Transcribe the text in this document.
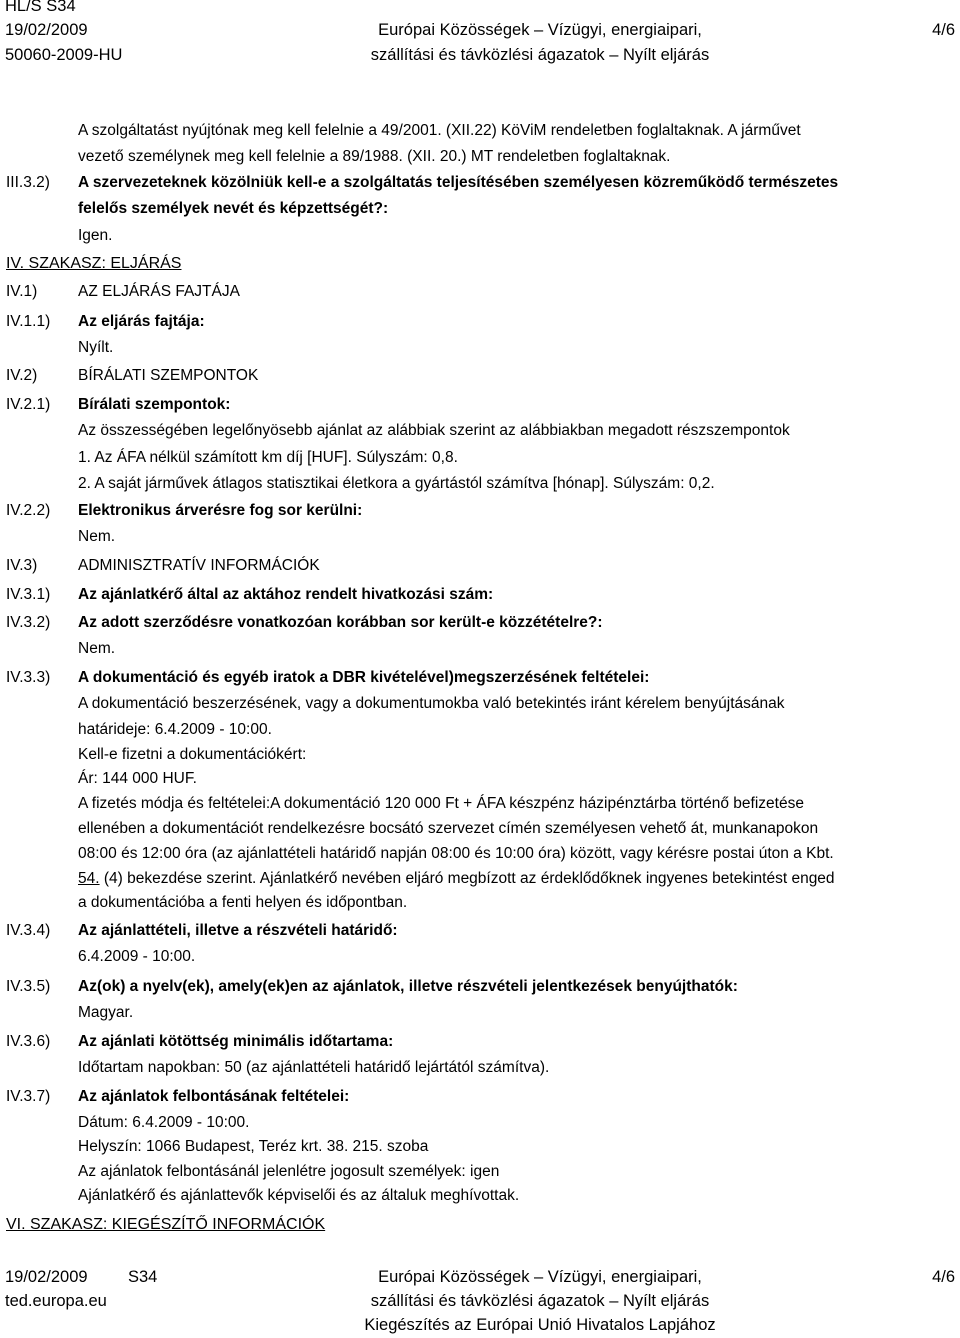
HL/S S34
19/02/2009
50060-2009-HU
Európai Közösségek – Vízügyi, energiaipari,
szállítási és távközlési ágazatok – Nyílt eljárás
4/6
A szolgáltatást nyújtónak meg kell felelnie a 49/2001. (XII.22) KöViM rendeletben foglaltaknak. A járművet
vezető személynek meg kell felelnie a 89/1988. (XII. 20.) MT rendeletben foglaltaknak.
III.3.2) A szervezeteknek közölniük kell-e a szolgáltatás teljesítésében személyesen közreműködő természetes
felelős személyek nevét és képzettségét?:
Igen.
IV. SZAKASZ: ELJÁRÁS
IV.1)	AZ ELJÁRÁS FAJTÁJA
IV.1.1) Az eljárás fajtája:
Nyílt.
IV.2)	BÍRÁLATI SZEMPONTOK
IV.2.1) Bírálati szempontok:
Az összességében legelőnyösebb ajánlat az alábbiak szerint az alábbiakban megadott részszempontok
1. Az ÁFA nélkül számított km díj [HUF]. Súlyszám: 0,8.
2. A saját járművek átlagos statisztikai életkora a gyártástól számítva [hónap]. Súlyszám: 0,2.
IV.2.2) Elektronikus árverésre fog sor kerülni:
Nem.
IV.3)	ADMINISZTRATÍV INFORMÁCIÓK
IV.3.1) Az ajánlatkérő által az aktához rendelt hivatkozási szám:
IV.3.2) Az adott szerződésre vonatkozóan korábban sor került-e közzétételre?:
Nem.
IV.3.3) A dokumentáció és egyéb iratok a DBR kivételével)megszerzésének feltételei:
A dokumentáció beszerzésének, vagy a dokumentumokba való betekintés iránt kérelem benyújtásának
határideje: 6.4.2009 - 10:00.
Kell-e fizetni a dokumentációkért:
Ár: 144 000 HUF.
A fizetés módja és feltételei:A dokumentáció 120 000 Ft + ÁFA készpénz házipénztárba történő befizetése
ellenében a dokumentációt rendelkezésre bocsátó szervezet címén személyesen vehető át, munkanapokon
08:00 és 12:00 óra (az ajánlattételi határidő napján 08:00 és 10:00 óra) között, vagy kérésre postai úton a Kbt.
54. (4) bekezdése szerint. Ajánlatkérő nevében eljáró megbízott az érdeklődőknek ingyenes betekintést enged
a dokumentációba a fenti helyen és időpontban.
IV.3.4) Az ajánlattételi, illetve a részvételi határidő:
6.4.2009 - 10:00.
IV.3.5) Az(ok) a nyelv(ek), amely(ek)en az ajánlatok, illetve részvételi jelentkezések benyújthatók:
Magyar.
IV.3.6) Az ajánlati kötöttség minimális időtartama:
Időtartam napokban: 50 (az ajánlattételi határidő lejártától számítva).
IV.3.7) Az ajánlatok felbontásának feltételei:
Dátum: 6.4.2009 - 10:00.
Helyszín: 1066 Budapest, Teréz krt. 38. 215. szoba
Az ajánlatok felbontásánál jelenlétre jogosult személyek: igen
Ajánlatkérő és ajánlattevők képviselői és az általuk meghívottak.
VI. SZAKASZ: KIEGÉSZÍTŐ INFORMÁCIÓK
19/02/2009 S34
ted.europa.eu
Európai Közösségek – Vízügyi, energiaipari,
szállítási és távközlési ágazatok – Nyílt eljárás
Kiegészítés az Európai Unió Hivatalos Lapjához
4/6
